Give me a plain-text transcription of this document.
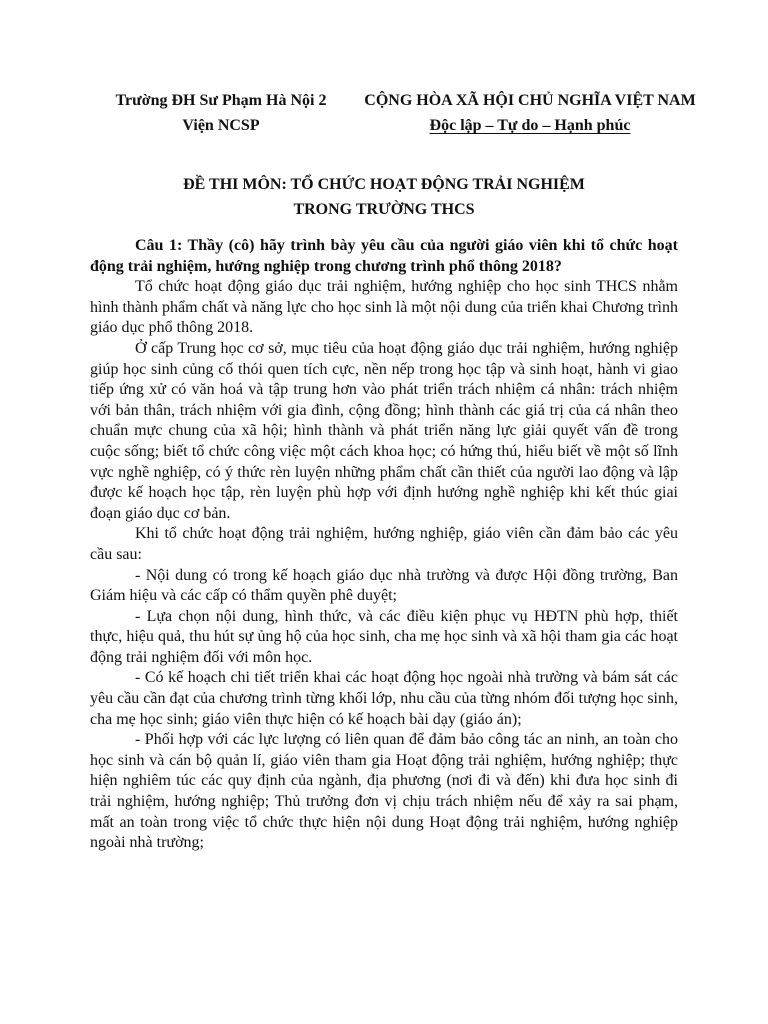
Trường ĐH Sư Phạm Hà Nội 2
Viện NCSP
CỘNG HÒA XÃ HỘI CHỦ NGHĨA VIỆT NAM
Độc lập – Tự do – Hạnh phúc
ĐỀ THI MÔN: TỔ CHỨC HOẠT ĐỘNG TRẢI NGHIỆM
TRONG TRƯỜNG THCS

Câu 1: Thầy (cô) hãy trình bày yêu cầu của người giáo viên khi tổ chức hoạt động trải nghiệm, hướng nghiệp trong chương trình phổ thông 2018?

Tổ chức hoạt động giáo dục trải nghiệm, hướng nghiệp cho học sinh THCS nhằm hình thành phẩm chất và năng lực cho học sinh là một nội dung của triển khai Chương trình giáo dục phổ thông 2018.

Ở cấp Trung học cơ sở, mục tiêu của hoạt động giáo dục trải nghiệm, hướng nghiệp giúp học sinh củng cố thói quen tích cực, nền nếp trong học tập và sinh hoạt, hành vi giao tiếp ứng xử có văn hoá và tập trung hơn vào phát triển trách nhiệm cá nhân: trách nhiệm với bản thân, trách nhiệm với gia đình, cộng đồng; hình thành các giá trị của cá nhân theo chuẩn mực chung của xã hội; hình thành và phát triển năng lực giải quyết vấn đề trong cuộc sống; biết tổ chức công việc một cách khoa học; có hứng thú, hiểu biết về một số lĩnh vực nghề nghiệp, có ý thức rèn luyện những phẩm chất cần thiết của người lao động và lập được kế hoạch học tập, rèn luyện phù hợp với định hướng nghề nghiệp khi kết thúc giai đoạn giáo dục cơ bản.

Khi tổ chức hoạt động trải nghiệm, hướng nghiệp, giáo viên cần đảm bảo các yêu cầu sau:

- Nội dung có trong kế hoạch giáo dục nhà trường và được Hội đồng trường, Ban Giám hiệu và các cấp có thẩm quyền phê duyệt;

- Lựa chọn nội dung, hình thức, và các điều kiện phục vụ HĐTN phù hợp, thiết thực, hiệu quả, thu hút sự ủng hộ của học sinh, cha mẹ học sinh và xã hội tham gia các hoạt động trải nghiệm đối với môn học.

- Có kế hoạch chi tiết triển khai các hoạt động học ngoài nhà trường và bám sát các yêu cầu cần đạt của chương trình từng khối lớp, nhu cầu của từng nhóm đối tượng học sinh, cha mẹ học sinh; giáo viên thực hiện có kế hoạch bài dạy (giáo án);

- Phối hợp với các lực lượng có liên quan để đảm bảo công tác an ninh, an toàn cho học sinh và cán bộ quản lí, giáo viên tham gia Hoạt động trải nghiệm, hướng nghiệp; thực hiện nghiêm túc các quy định của ngành, địa phương (nơi đi và đến) khi đưa học sinh đi trải nghiệm, hướng nghiệp; Thủ trưởng đơn vị chịu trách nhiệm nếu để xảy ra sai phạm, mất an toàn trong việc tổ chức thực hiện nội dung Hoạt động trải nghiệm, hướng nghiệp ngoài nhà trường;
